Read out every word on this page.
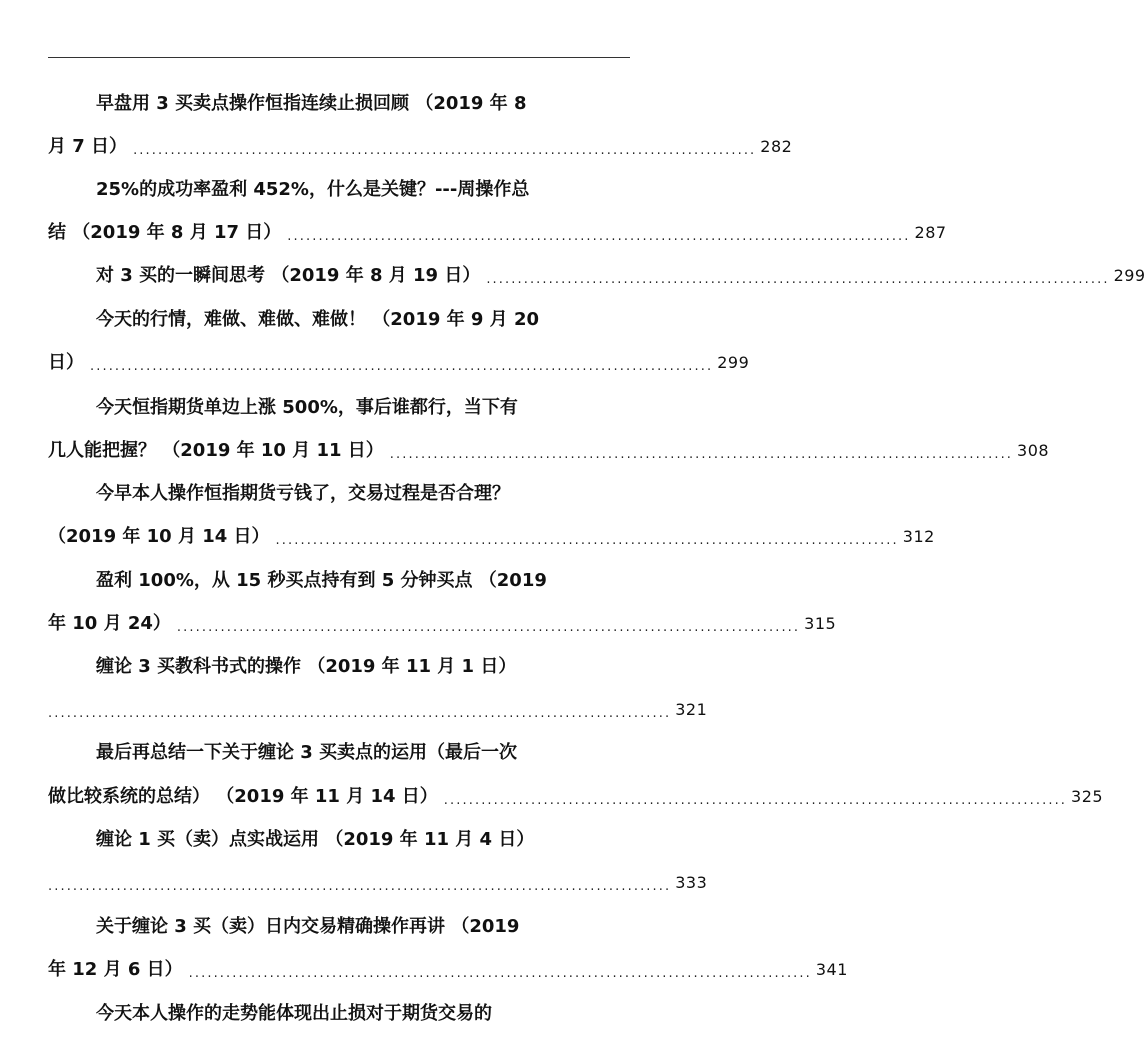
早盘用 3 买卖点操作恒指连续止损回顾 （2019 年 8
月 7 日） .................................................................................................... 282
25%的成功率盈利 452%，什么是关键？---周操作总
结 （2019 年 8 月 17 日） .................................................................................................... 287
对 3 买的一瞬间思考 （2019 年 8 月 19 日） .................................................................................................... 299
今天的行情，难做、难做、难做！ （2019 年 9 月 20
日） .................................................................................................... 299
今天恒指期货单边上涨 500%，事后谁都行，当下有
几人能把握？ （2019 年 10 月 11 日） .................................................................................................... 308
今早本人操作恒指期货亏钱了，交易过程是否合理？
（2019 年 10 月 14 日） .................................................................................................... 312
盈利 100%，从 15 秒买点持有到 5 分钟买点 （2019
年 10 月 24） .................................................................................................... 315
缠论 3 买教科书式的操作 （2019 年 11 月 1 日）
.................................................................................................... 321
最后再总结一下关于缠论 3 买卖点的运用（最后一次
做比较系统的总结） （2019 年 11 月 14 日） .................................................................................................... 325
缠论 1 买（卖）点实战运用 （2019 年 11 月 4 日）
.................................................................................................... 333
关于缠论 3 买（卖）日内交易精确操作再讲 （2019
年 12 月 6 日） .................................................................................................... 341
今天本人操作的走势能体现出止损对于期货交易的
